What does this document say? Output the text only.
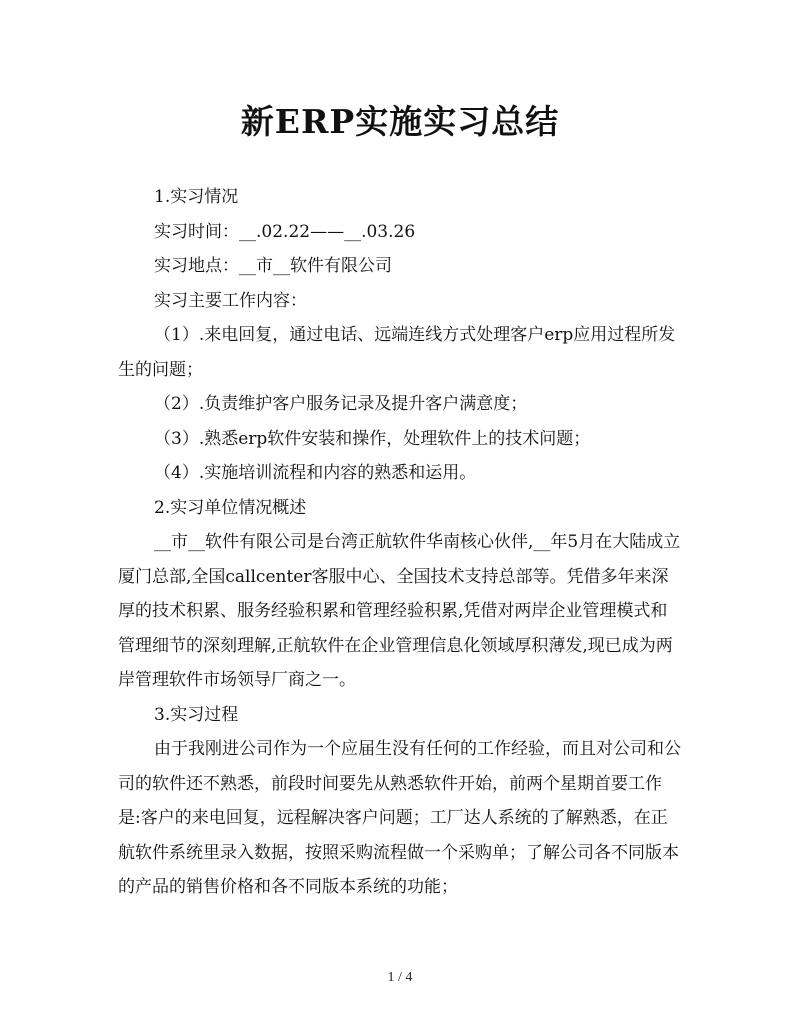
新ERP实施实习总结

1.实习情况

实习时间：__.02.22——__.03.26

实习地点：__市__软件有限公司

实习主要工作内容：

（1）.来电回复，通过电话、远端连线方式处理客户erp应用过程所发生的问题；

（2）.负责维护客户服务记录及提升客户满意度；

（3）.熟悉erp软件安装和操作，处理软件上的技术问题；

（4）.实施培训流程和内容的熟悉和运用。

2.实习单位情况概述

__市__软件有限公司是台湾正航软件华南核心伙伴,__年5月在大陆成立厦门总部,全国callcenter客服中心、全国技术支持总部等。凭借多年来深厚的技术积累、服务经验积累和管理经验积累,凭借对两岸企业管理模式和管理细节的深刻理解,正航软件在企业管理信息化领域厚积薄发,现已成为两岸管理软件市场领导厂商之一。

3.实习过程

由于我刚进公司作为一个应届生没有任何的工作经验，而且对公司和公司的软件还不熟悉，前段时间要先从熟悉软件开始，前两个星期首要工作是:客户的来电回复，远程解决客户问题；工厂达人系统的了解熟悉，在正航软件系统里录入数据，按照采购流程做一个采购单；了解公司各不同版本的产品的销售价格和各不同版本系统的功能；

1 / 4
